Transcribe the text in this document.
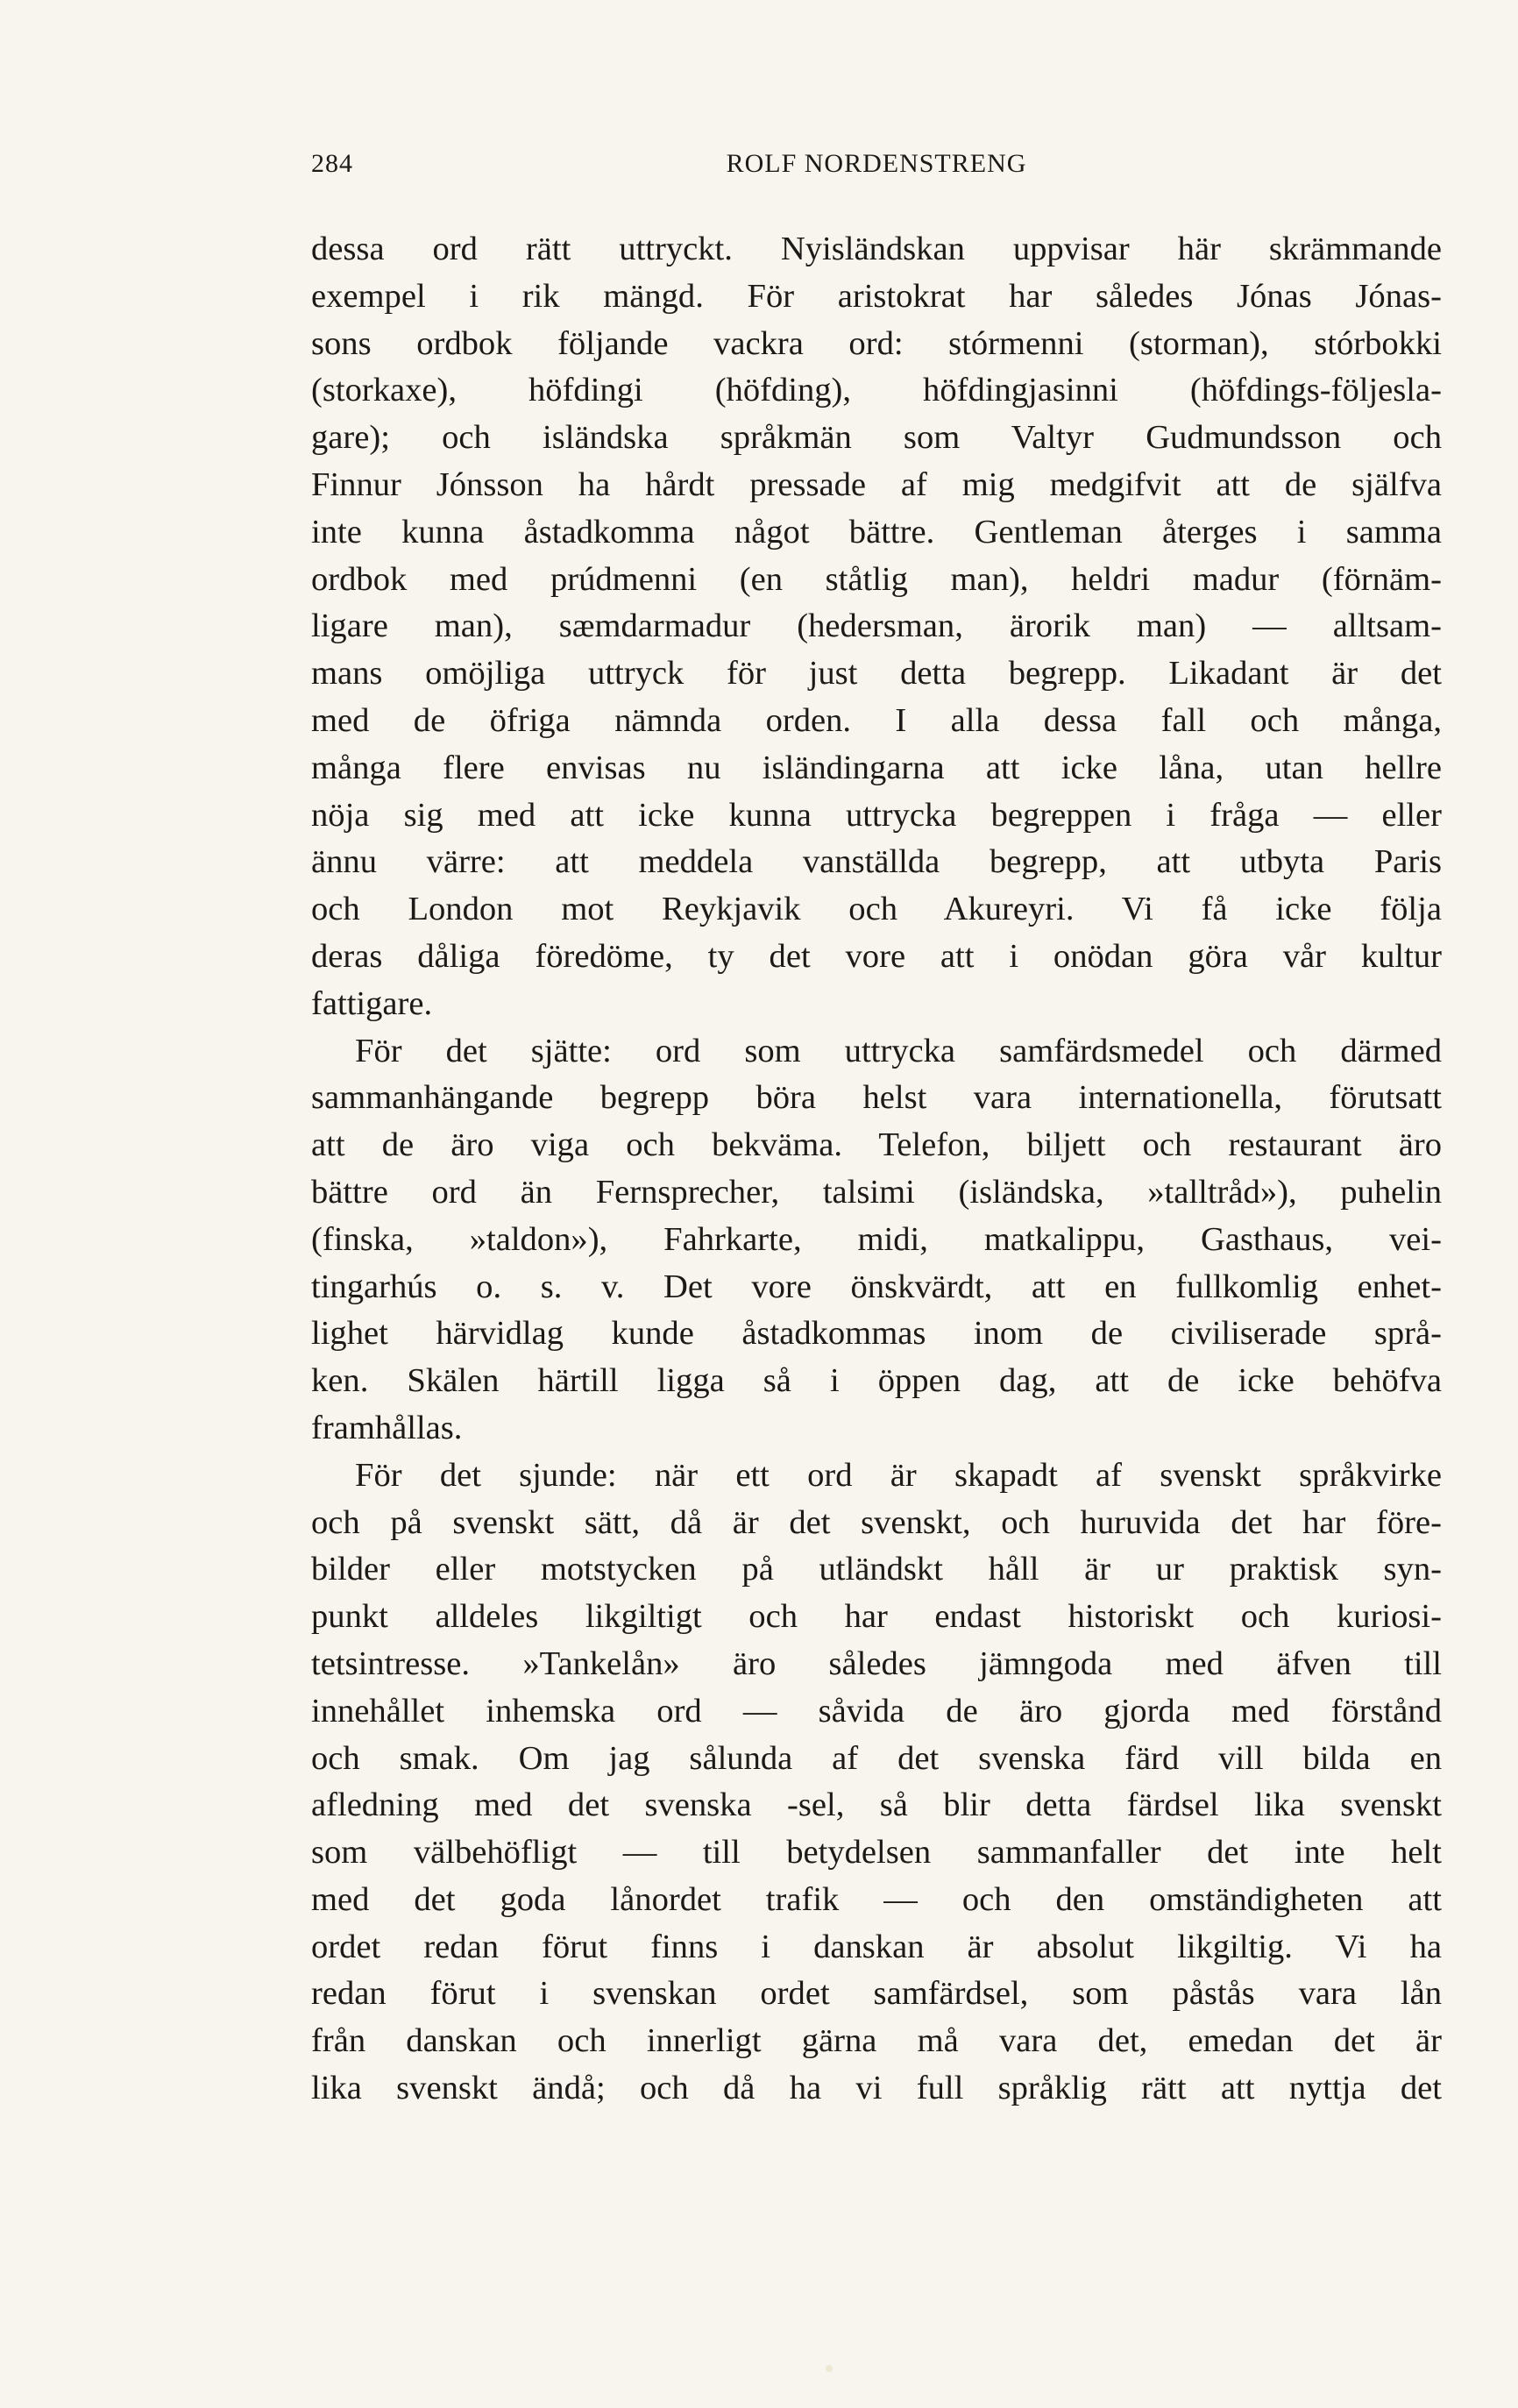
284	ROLF NORDENSTRENG
dessa ord rätt uttryckt. Nyisländskan uppvisar här skrämmande
exempel i rik mängd. För aristokrat har således Jónas Jónas-
sons ordbok följande vackra ord: stórmenni (storman), stórbokki
(storkaxe), höfdingi (höfding), höfdingjasinni (höfdings-följesla-
gare); och isländska språkmän som Valtyr Gudmundsson och
Finnur Jónsson ha hårdt pressade af mig medgifvit att de själfva
inte kunna åstadkomma något bättre. Gentleman återges i samma
ordbok med prúdmenni (en ståtlig man), heldri madur (förnäm-
ligare man), sæmdarmadur (hedersman, ärorik man) — alltsam-
mans omöjliga uttryck för just detta begrepp. Likadant är det
med de öfriga nämnda orden. I alla dessa fall och många,
många flere envisas nu isländingarna att icke låna, utan hellre
nöja sig med att icke kunna uttrycka begreppen i fråga — eller
ännu värre: att meddela vanställda begrepp, att utbyta Paris
och London mot Reykjavik och Akureyri. Vi få icke följa
deras dåliga föredöme, ty det vore att i onödan göra vår kultur
fattigare.
För det sjätte: ord som uttrycka samfärdsmedel och därmed
sammanhängande begrepp böra helst vara internationella, förutsatt
att de äro viga och bekväma. Telefon, biljett och restaurant äro
bättre ord än Fernsprecher, talsimi (isländska, »talltråd»), puhelin
(finska, »taldon»), Fahrkarte, midi, matkalippu, Gasthaus, vei-
tingarhús o. s. v. Det vore önskvärdt, att en fullkomlig enhet-
lighet härvidlag kunde åstadkommas inom de civiliserade språ-
ken. Skälen härtill ligga så i öppen dag, att de icke behöfva
framhållas.
För det sjunde: när ett ord är skapadt af svenskt språkvirke
och på svenskt sätt, då är det svenskt, och huruvida det har före-
bilder eller motstycken på utländskt håll är ur praktisk syn-
punkt alldeles likgiltigt och har endast historiskt och kuriosi-
tetsintresse. »Tankelån» äro således jämngoda med äfven till
innehållet inhemska ord — såvida de äro gjorda med förstånd
och smak. Om jag sålunda af det svenska färd vill bilda en
afledning med det svenska -sel, så blir detta färdsel lika svenskt
som välbehöfligt — till betydelsen sammanfaller det inte helt
med det goda lånordet trafik — och den omständigheten att
ordet redan förut finns i danskan är absolut likgiltig. Vi ha
redan förut i svenskan ordet samfärdsel, som påstås vara lån
från danskan och innerligt gärna må vara det, emedan det är
lika svenskt ändå; och då ha vi full språklig rätt att nyttja det
